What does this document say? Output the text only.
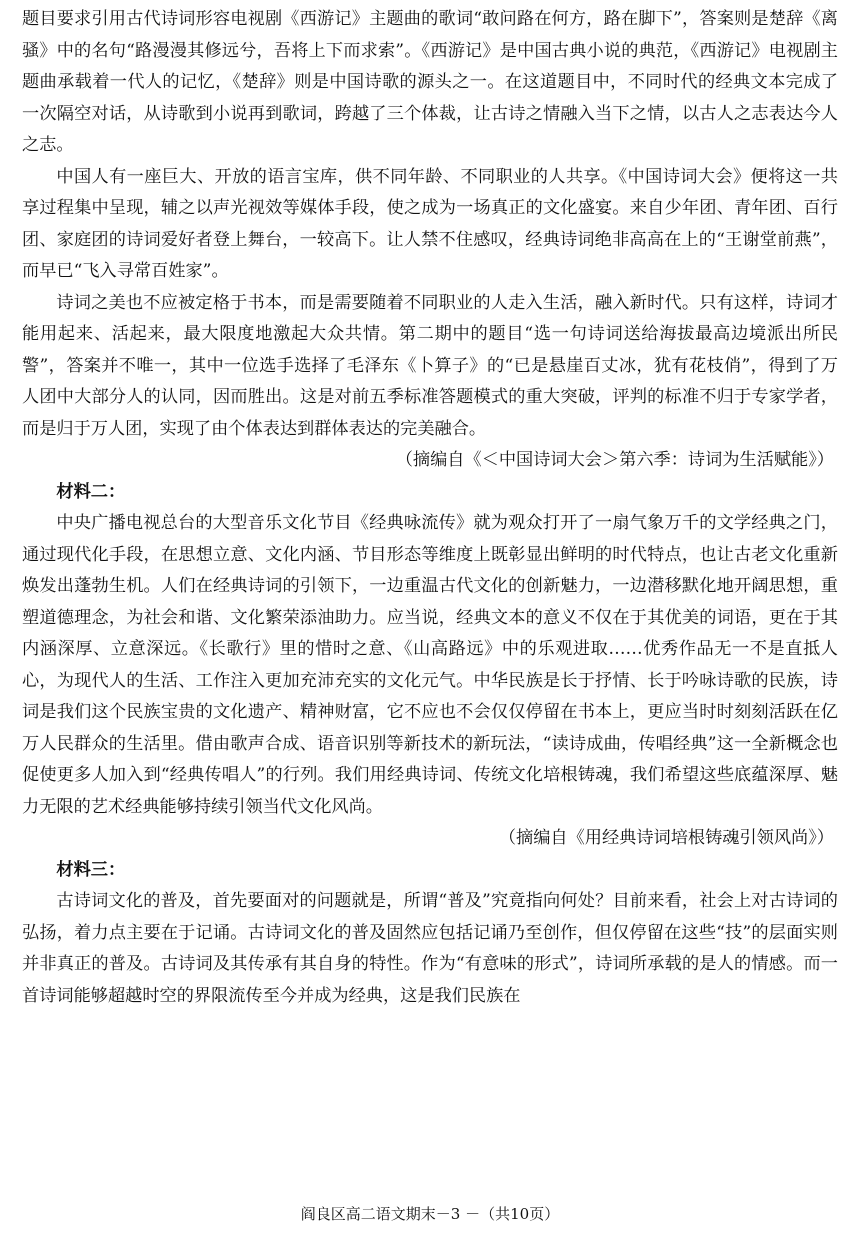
题目要求引用古代诗词形容电视剧《西游记》主题曲的歌词“敢问路在何方，路在脚下”，答案则是楚辞《离骚》中的名句“路漫漫其修远兮，吾将上下而求索”。《西游记》是中国古典小说的典范，《西游记》电视剧主题曲承载着一代人的记忆，《楚辞》则是中国诗歌的源头之一。在这道题目中，不同时代的经典文本完成了一次隔空对话，从诗歌到小说再到歌词，跨越了三个体裁，让古诗之情融入当下之情，以古人之志表达今人之志。

中国人有一座巨大、开放的语言宝库，供不同年龄、不同职业的人共享。《中国诗词大会》便将这一共享过程集中呈现，辅之以声光视效等媒体手段，使之成为一场真正的文化盛宴。来自少年团、青年团、百行团、家庭团的诗词爱好者登上舞台，一较高下。让人禁不住感叹，经典诗词绝非高高在上的“王谢堂前燕”，而早已“飞入寻常百姓家”。

诗词之美也不应被定格于书本，而是需要随着不同职业的人走入生活，融入新时代。只有这样，诗词才能用起来、活起来，最大限度地激起大众共情。第二期中的题目“选一句诗词送给海拔最高边境派出所民警”，答案并不唯一，其中一位选手选择了毛泽东《卜算子》的“已是悬崖百丈冰，犹有花枝俏”，得到了万人团中大部分人的认同，因而胜出。这是对前五季标准答题模式的重大突破，评判的标准不归于专家学者，而是归于万人团，实现了由个体表达到群体表达的完美融合。

（摘编自《＜中国诗词大会＞第六季：诗词为生活赋能》）

材料二：

中央广播电视总台的大型音乐文化节目《经典咏流传》就为观众打开了一扇气象万千的文学经典之门，通过现代化手段，在思想立意、文化内涵、节目形态等维度上既彰显出鲜明的时代特点，也让古老文化重新焕发出蓬勃生机。人们在经典诗词的引领下，一边重温古代文化的创新魅力，一边潜移默化地开阔思想，重塑道德理念，为社会和谐、文化繁荣添油助力。应当说，经典文本的意义不仅在于其优美的词语，更在于其内涵深厚、立意深远。《长歌行》里的惜时之意、《山高路远》中的乐观进取……优秀作品无一不是直抵人心，为现代人的生活、工作注入更加充沛充实的文化元气。中华民族是长于抒情、长于吟咏诗歌的民族，诗词是我们这个民族宝贵的文化遗产、精神财富，它不应也不会仅仅停留在书本上，更应当时时刻刻活跃在亿万人民群众的生活里。借由歌声合成、语音识别等新技术的新玩法，“读诗成曲，传唱经典”这一全新概念也促使更多人加入到“经典传唱人”的行列。我们用经典诗词、传统文化培根铸魂，我们希望这些底蕴深厚、魅力无限的艺术经典能够持续引领当代文化风尚。

（摘编自《用经典诗词培根铸魂引领风尚》）

材料三：

古诗词文化的普及，首先要面对的问题就是，所谓“普及”究竟指向何处？目前来看，社会上对古诗词的弘扬，着力点主要在于记诵。古诗词文化的普及固然应包括记诵乃至创作，但仅停留在这些“技”的层面实则并非真正的普及。古诗词及其传承有其自身的特性。作为“有意味的形式”，诗词所承载的是人的情感。而一首诗词能够超越时空的界限流传至今并成为经典，这是我们民族在

阎良区高二语文期末－3 －（共10页）
